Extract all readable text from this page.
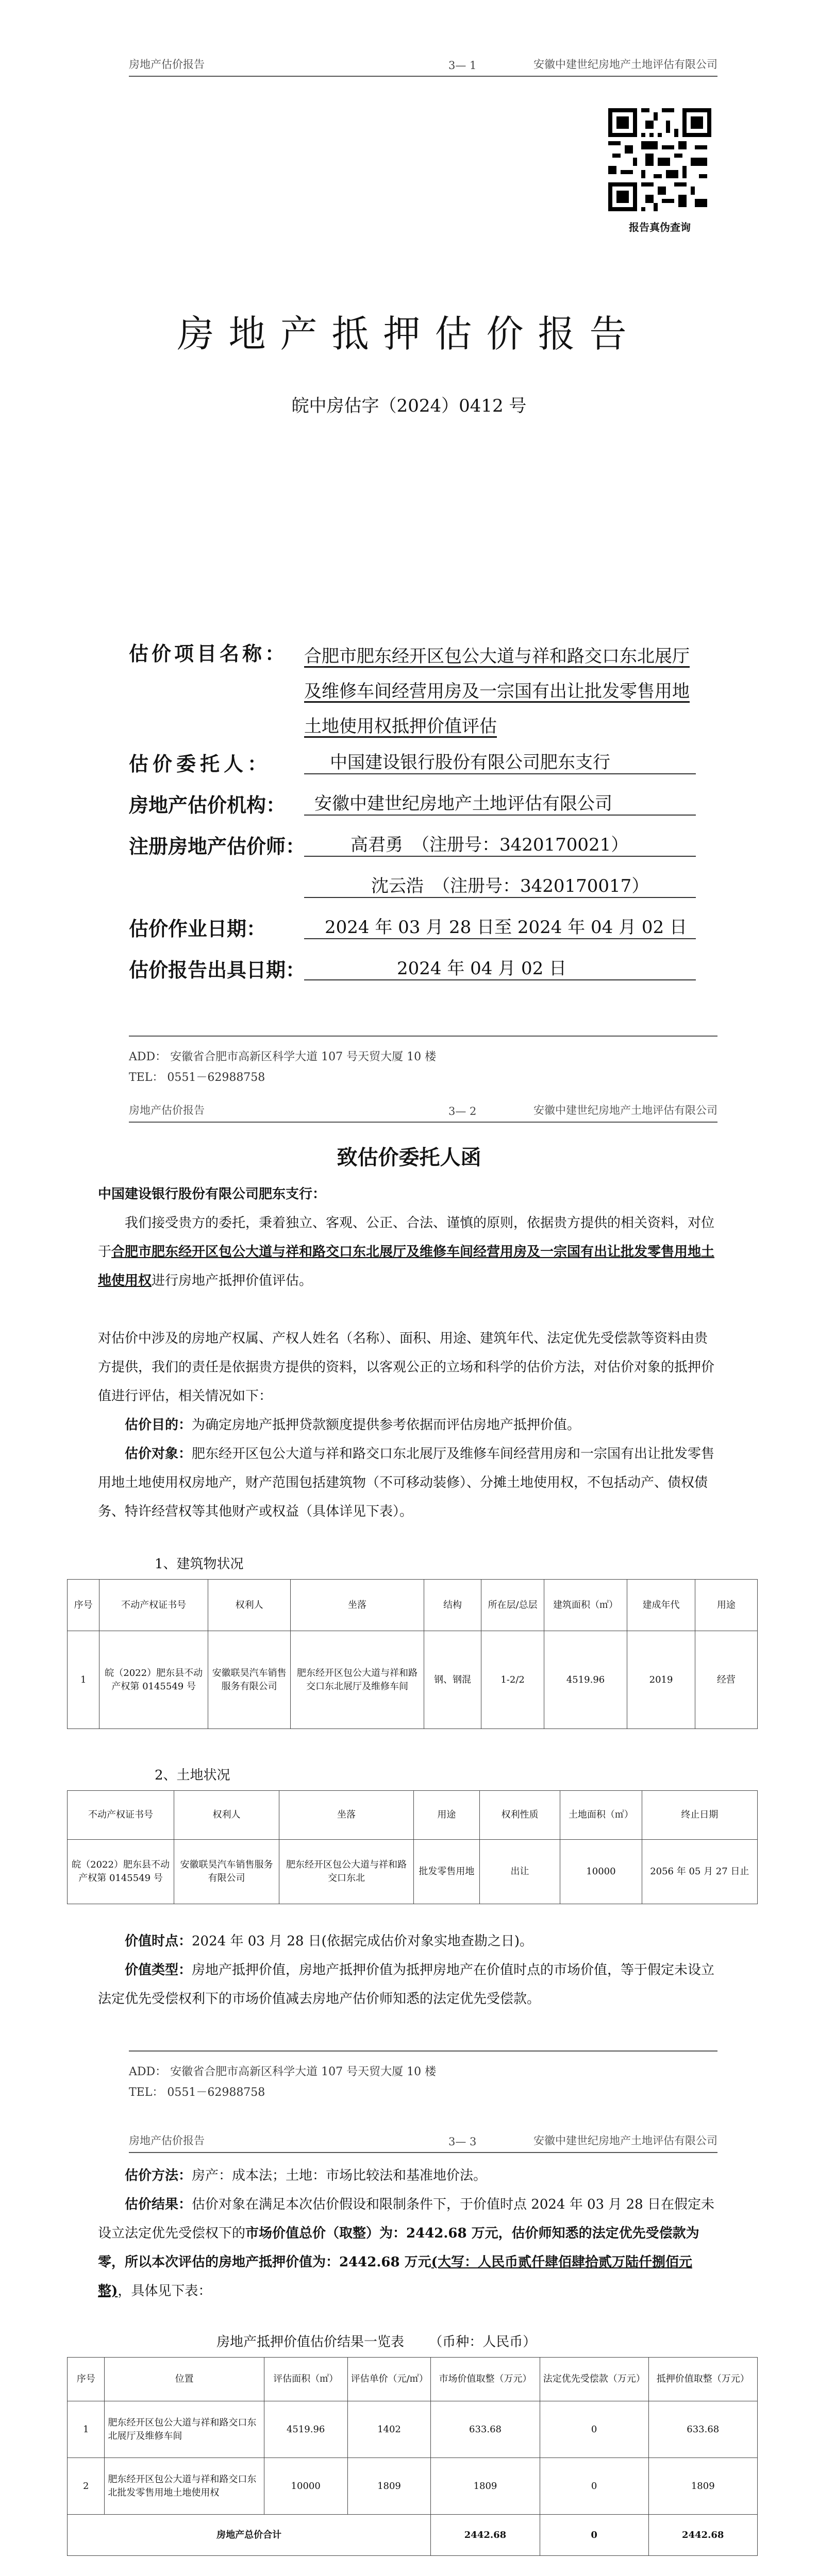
房地产估价报告	3— 1	安徽中建世纪房地产土地评估有限公司
报告真伪查询
房地产抵押估价报告
皖中房估字（2024）0412 号
估价项目名称： 合肥市肥东经开区包公大道与祥和路交口东北展厅及维修车间经营用房及一宗国有出让批发零售用地土地使用权抵押价值评估
估价委托人：	中国建设银行股份有限公司肥东支行
房地产估价机构：	安徽中建世纪房地产土地评估有限公司
注册房地产估价师：	高君勇　（注册号：3420170021）
沈云浩　（注册号：3420170017）
估价作业日期：	2024 年 03 月 28 日至 2024 年 04 月 02 日
估价报告出具日期：	2024 年 04 月 02 日
ADD： 安徽省合肥市高新区科学大道 107 号天贸大厦 10 楼
TEL： 0551－62988758
房地产估价报告	3— 2	安徽中建世纪房地产土地评估有限公司
致估价委托人函
中国建设银行股份有限公司肥东支行：
我们接受贵方的委托，秉着独立、客观、公正、合法、谨慎的原则，依据贵方提供的相关资料，对位于合肥市肥东经开区包公大道与祥和路交口东北展厅及维修车间经营用房及一宗国有出让批发零售用地土地使用权进行房地产抵押价值评估。
对估价中涉及的房地产权属、产权人姓名（名称）、面积、用途、建筑年代、法定优先受偿款等资料由贵方提供，我们的责任是依据贵方提供的资料，以客观公正的立场和科学的估价方法，对估价对象的抵押价值进行评估，相关情况如下：
估价目的：为确定房地产抵押贷款额度提供参考依据而评估房地产抵押价值。
估价对象：肥东经开区包公大道与祥和路交口东北展厅及维修车间经营用房和一宗国有出让批发零售用地土地使用权房地产，财产范围包括建筑物（不可移动装修）、分摊土地使用权，不包括动产、债权债务、特许经营权等其他财产或权益（具体详见下表）。
1、建筑物状况
序号	不动产权证书号	权利人	坐落	结构	所在层/总层	建筑面积（㎡）	建成年代	用途
1	皖（2022）肥东县不动产权第 0145549 号	安徽联昊汽车销售服务有限公司	肥东经开区包公大道与祥和路交口东北展厅及维修车间	钢、钢混	1-2/2	4519.96	2019	经营
2、土地状况
不动产权证书号	权利人	坐落	用途	权利性质	土地面积（㎡）	终止日期
皖（2022）肥东县不动产权第 0145549 号	安徽联昊汽车销售服务有限公司	肥东经开区包公大道与祥和路交口东北	批发零售用地	出让	10000	2056 年 05 月 27 日止
价值时点：2024 年 03 月 28 日(依据完成估价对象实地查勘之日)。
价值类型：房地产抵押价值，房地产抵押价值为抵押房地产在价值时点的市场价值，等于假定未设立法定优先受偿权利下的市场价值减去房地产估价师知悉的法定优先受偿款。
ADD： 安徽省合肥市高新区科学大道 107 号天贸大厦 10 楼
TEL： 0551－62988758
房地产估价报告	3— 3	安徽中建世纪房地产土地评估有限公司
估价方法：房产：成本法；土地：市场比较法和基准地价法。
估价结果：估价对象在满足本次估价假设和限制条件下，于价值时点 2024 年 03 月 28 日在假定未设立法定优先受偿权下的市场价值总价（取整）为：2442.68 万元，估价师知悉的法定优先受偿款为零，所以本次评估的房地产抵押价值为：2442.68 万元(大写：人民币贰仟肆佰肆拾贰万陆仟捌佰元整)，具体见下表：
房地产抵押价值估价结果一览表 （币种：人民币）
序号	位置	评估面积（㎡）	评估单价（元/㎡）	市场价值取整（万元）	法定优先受偿款（万元）	抵押价值取整（万元）
1	肥东经开区包公大道与祥和路交口东北展厅及维修车间	4519.96	1402	633.68	0	633.68
2	肥东经开区包公大道与祥和路交口东北批发零售用地土地使用权	10000	1809	1809	0	1809
房地产总价合计				2442.68	0	2442.68
